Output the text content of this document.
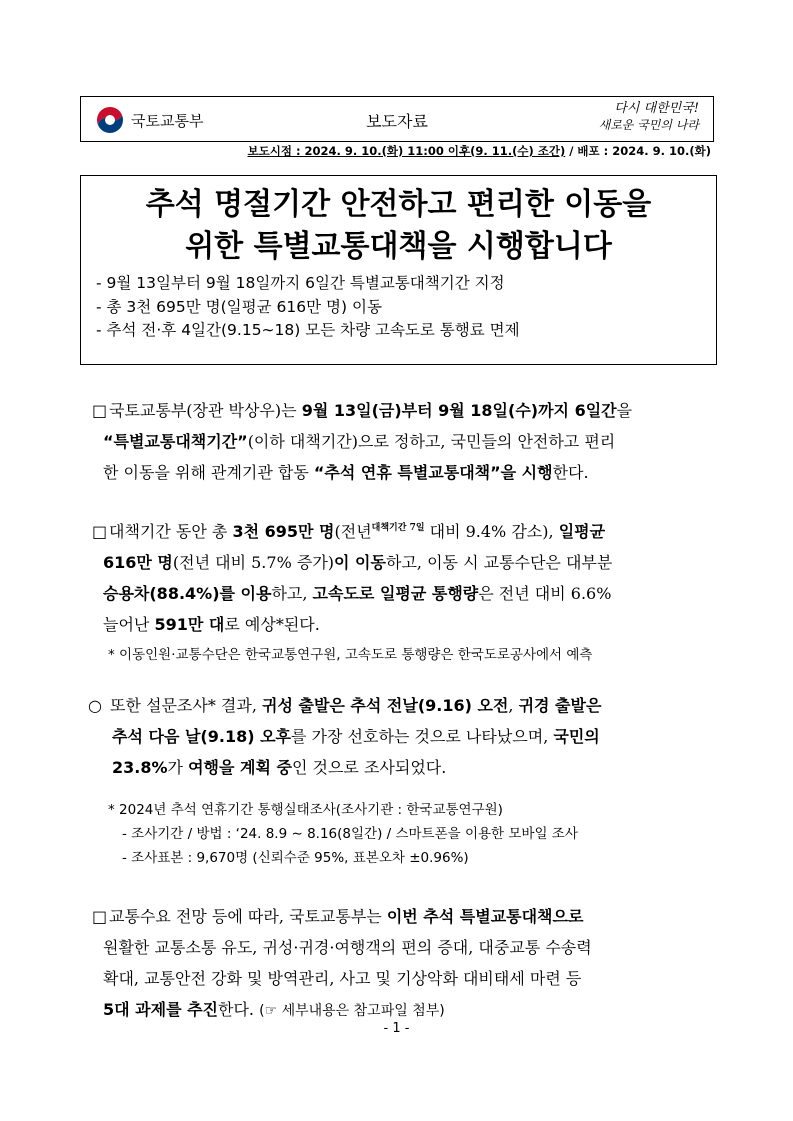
국토교통부	보도자료
다시 대한민국!
새로운 국민의 나라
보도시점 : 2024. 9. 10.(화) 11:00 이후(9. 11.(수) 조간) / 배포 : 2024. 9. 10.(화)
추석 명절기간 안전하고 편리한 이동을
위한 특별교통대책을 시행합니다
- 9월 13일부터 9월 18일까지 6일간 특별교통대책기간 지정
- 총 3천 695만 명(일평균 616만 명) 이동
- 추석 전·후 4일간(9.15∼18) 모든 차량 고속도로 통행료 면제
□ 국토교통부(장관 박상우)는 9월 13일(금)부터 9월 18일(수)까지 6일간을
“특별교통대책기간”(이하 대책기간)으로 정하고, 국민들의 안전하고 편리
한 이동을 위해 관계기관 합동 “추석 연휴 특별교통대책”을 시행한다.
□ 대책기간 동안 총 3천 695만 명(전년$^{대책기간 7일}$ 대비 9.4% 감소), 일평균
616만 명(전년 대비 5.7% 증가)이 이동하고, 이동 시 교통수단은 대부분
승용차(88.4%)를 이용하고, 고속도로 일평균 통행량은 전년 대비 6.6%
늘어난 591만 대로 예상*된다.
* 이동인원·교통수단은 한국교통연구원, 고속도로 통행량은 한국도로공사에서 예측
○ 또한 설문조사* 결과, 귀성 출발은 추석 전날(9.16) 오전, 귀경 출발은
추석 다음 날(9.18) 오후를 가장 선호하는 것으로 나타났으며, 국민의
23.8%가 여행을 계획 중인 것으로 조사되었다.
* 2024년 추석 연휴기간 통행실태조사(조사기관 : 한국교통연구원)
- 조사기간 / 방법 : ‘24. 8.9 ∼ 8.16(8일간) / 스마트폰을 이용한 모바일 조사
- 조사표본 : 9,670명 (신뢰수준 95%, 표본오차 ±0.96%)
□ 교통수요 전망 등에 따라, 국토교통부는 이번 추석 특별교통대책으로
원활한 교통소통 유도, 귀성·귀경·여행객의 편의 증대, 대중교통 수송력
확대, 교통안전 강화 및 방역관리, 사고 및 기상악화 대비태세 마련 등
5대 과제를 추진한다. (☞ 세부내용은 참고파일 첨부)
- 1 -
